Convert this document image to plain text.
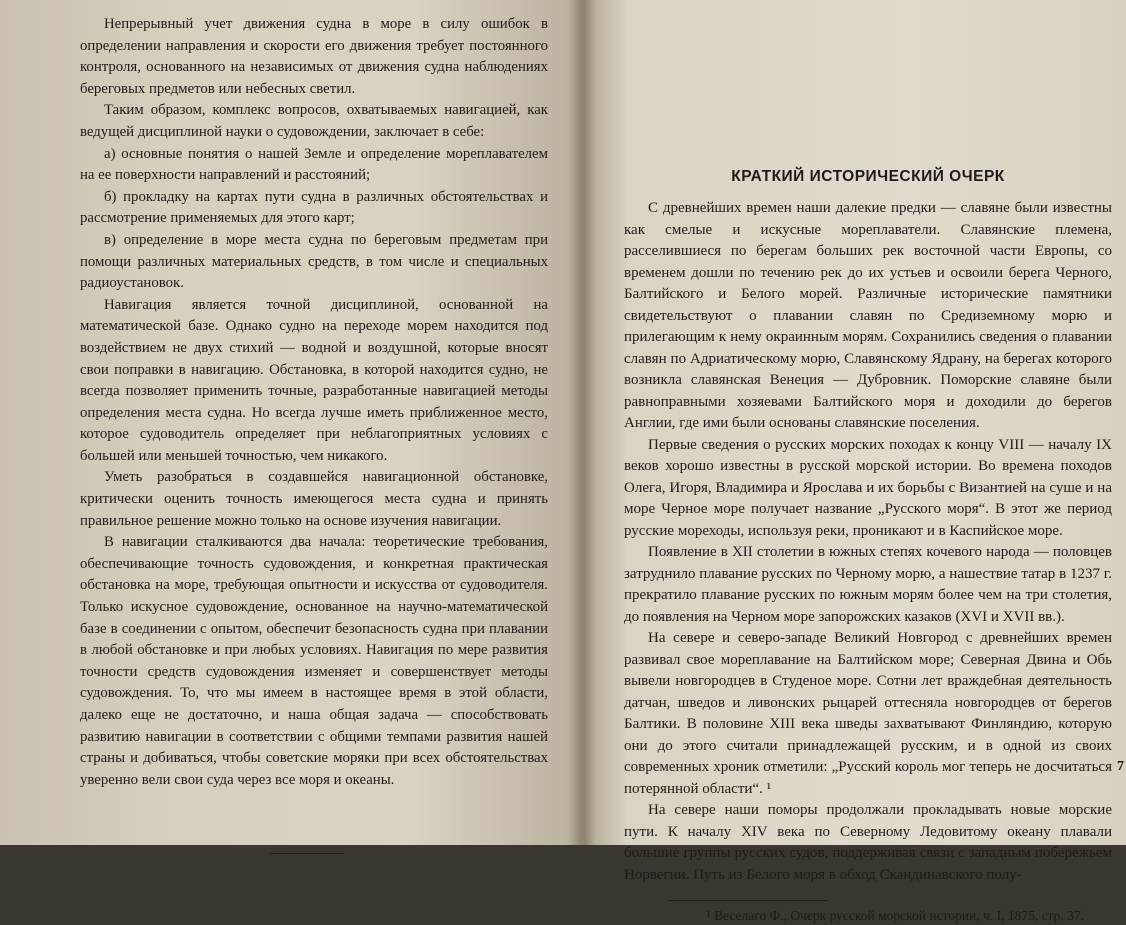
Непрерывный учет движения судна в море в силу ошибок в определении направления и скорости его движения требует постоянного контроля, основанного на независимых от движения судна наблюдениях береговых предметов или небесных светил.

Таким образом, комплекс вопросов, охватываемых навигацией, как ведущей дисциплиной науки о судовождении, заключает в себе:

а) основные понятия о нашей Земле и определение мореплавателем на ее поверхности направлений и расстояний;

б) прокладку на картах пути судна в различных обстоятельствах и рассмотрение применяемых для этого карт;

в) определение в море места судна по береговым предметам при помощи различных материальных средств, в том числе и специальных радиоустановок.

Навигация является точной дисциплиной, основанной на математической базе. Однако судно на переходе морем находится под воздействием не двух стихий — водной и воздушной, которые вносят свои поправки в навигацию. Обстановка, в которой находится судно, не всегда позволяет применить точные, разработанные навигацией методы определения места судна. Но всегда лучше иметь приближенное место, которое судоводитель определяет при неблагоприятных условиях с большей или меньшей точностью, чем никакого.

Уметь разобраться в создавшейся навигационной обстановке, критически оценить точность имеющегося места судна и принять правильное решение можно только на основе изучения навигации.

В навигации сталкиваются два начала: теоретические требования, обеспечивающие точность судовождения, и конкретная практическая обстановка на море, требующая опытности и искусства от судоводителя. Только искусное судовождение, основанное на научно-математической базе в соединении с опытом, обеспечит безопасность судна при плавании в любой обстановке и при любых условиях. Навигация по мере развития точности средств судовождения изменяет и совершенствует методы судовождения. То, что мы имеем в настоящее время в этой области, далеко еще не достаточно, и наша общая задача — способствовать развитию навигации в соответствии с общими темпами развития нашей страны и добиваться, чтобы советские моряки при всех обстоятельствах уверенно вели свои суда через все моря и океаны.

КРАТКИЙ ИСТОРИЧЕСКИЙ ОЧЕРК

С древнейших времен наши далекие предки — славяне были известны как смелые и искусные мореплаватели. Славянские племена, расселившиеся по берегам больших рек восточной части Европы, со временем дошли по течению рек до их устьев и освоили берега Черного, Балтийского и Белого морей. Различные исторические памятники свидетельствуют о плавании славян по Средиземному морю и прилегающим к нему окраинным морям. Сохранились сведения о плавании славян по Адриатическому морю, Славянскому Ядрану, на берегах которого возникла славянская Венеция — Дубровник. Поморские славяне были равноправными хозяевами Балтийского моря и доходили до берегов Англии, где ими были основаны славянские поселения.

Первые сведения о русских морских походах к концу VIII — началу IX веков хорошо известны в русской морской истории. Во времена походов Олега, Игоря, Владимира и Ярослава и их борьбы с Византией на суше и на море Черное море получает название „Русского моря“. В этот же период русские мореходы, используя реки, проникают и в Каспийское море.

Появление в XII столетии в южных степях кочевого народа — половцев затруднило плавание русских по Черному морю, а нашествие татар в 1237 г. прекратило плавание русских по южным морям более чем на три столетия, до появления на Черном море запорожских казаков (XVI и XVII вв.).

На севере и северо-западе Великий Новгород с древнейших времен развивал свое мореплавание на Балтийском море; Северная Двина и Обь вывели новгородцев в Студеное море. Сотни лет враждебная деятельность датчан, шведов и ливонских рыцарей оттесняла новгородцев от берегов Балтики. В половине XIII века шведы захватывают Финляндию, которую они до этого считали принадлежащей русским, и в одной из своих современных хроник отметили: „Русский король мог теперь не досчитаться потерянной области“. ¹

На севере наши поморы продолжали прокладывать новые морские пути. К началу XIV века по Северному Ледовитому океану плавали большие группы русских судов, поддерживая связи с западным побережьем Норвегии. Путь из Белого моря в обход Скандинавского полу-

¹ Веселаго Ф., Очерк русской морской истории, ч. I, 1875, стр. 37.

7
